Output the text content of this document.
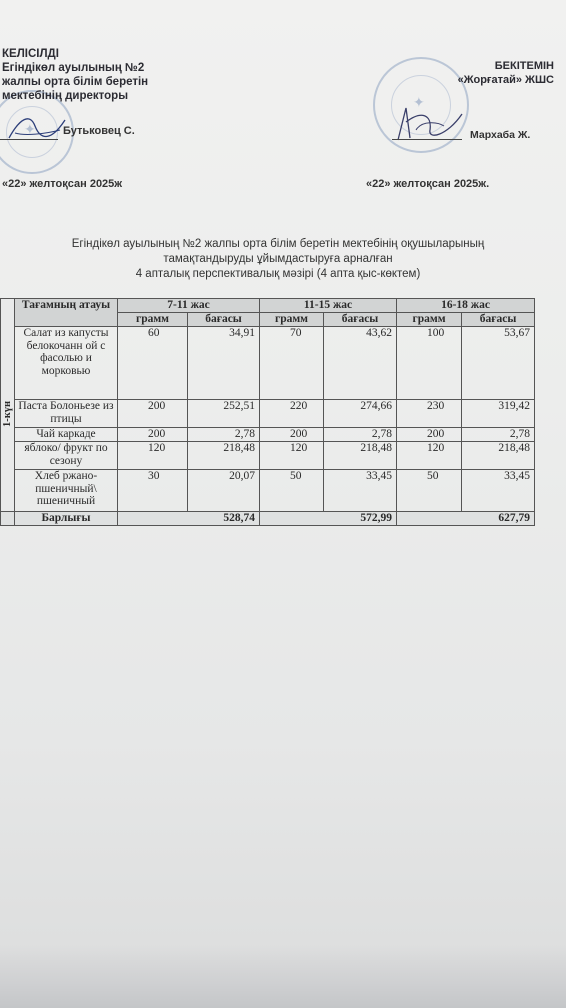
✦
✦
КЕЛІСІЛДІ
Егіндікөл ауылының №2
жалпы орта білім беретін
мектебінің директоры
Бутьковец С.
«22» желтоқсан 2025ж
БЕКІТЕМІН
«Жорғатай» ЖШС
Мархаба Ж.
«22» желтоқсан 2025ж.
Егіндікөл ауылының №2 жалпы орта білім беретін мектебінің оқушыларының
тамақтандыруды ұйымдастыруға арналған
4 апталық перспективалық мәзірі (4 апта қыс-көктем)
1-күн	Тағамның атауы	7-11 жас		11-15 жас		16-18 жас	
		грамм	бағасы	грамм	бағасы	грамм	бағасы
	Салат из капусты белокочанн ой с фасолью и морковью	60	34,91	70	43,62	100	53,67
	Паста Болоньезе из птицы	200	252,51	220	274,66	230	319,42
	Чай каркаде	200	2,78	200	2,78	200	2,78
	яблоко/ фрукт по сезону	120	218,48	120	218,48	120	218,48
	Хлеб ржано-пшеничный\ пшеничный	30	20,07	50	33,45	50	33,45
	Барлығы	528,74		572,99		627,79	
